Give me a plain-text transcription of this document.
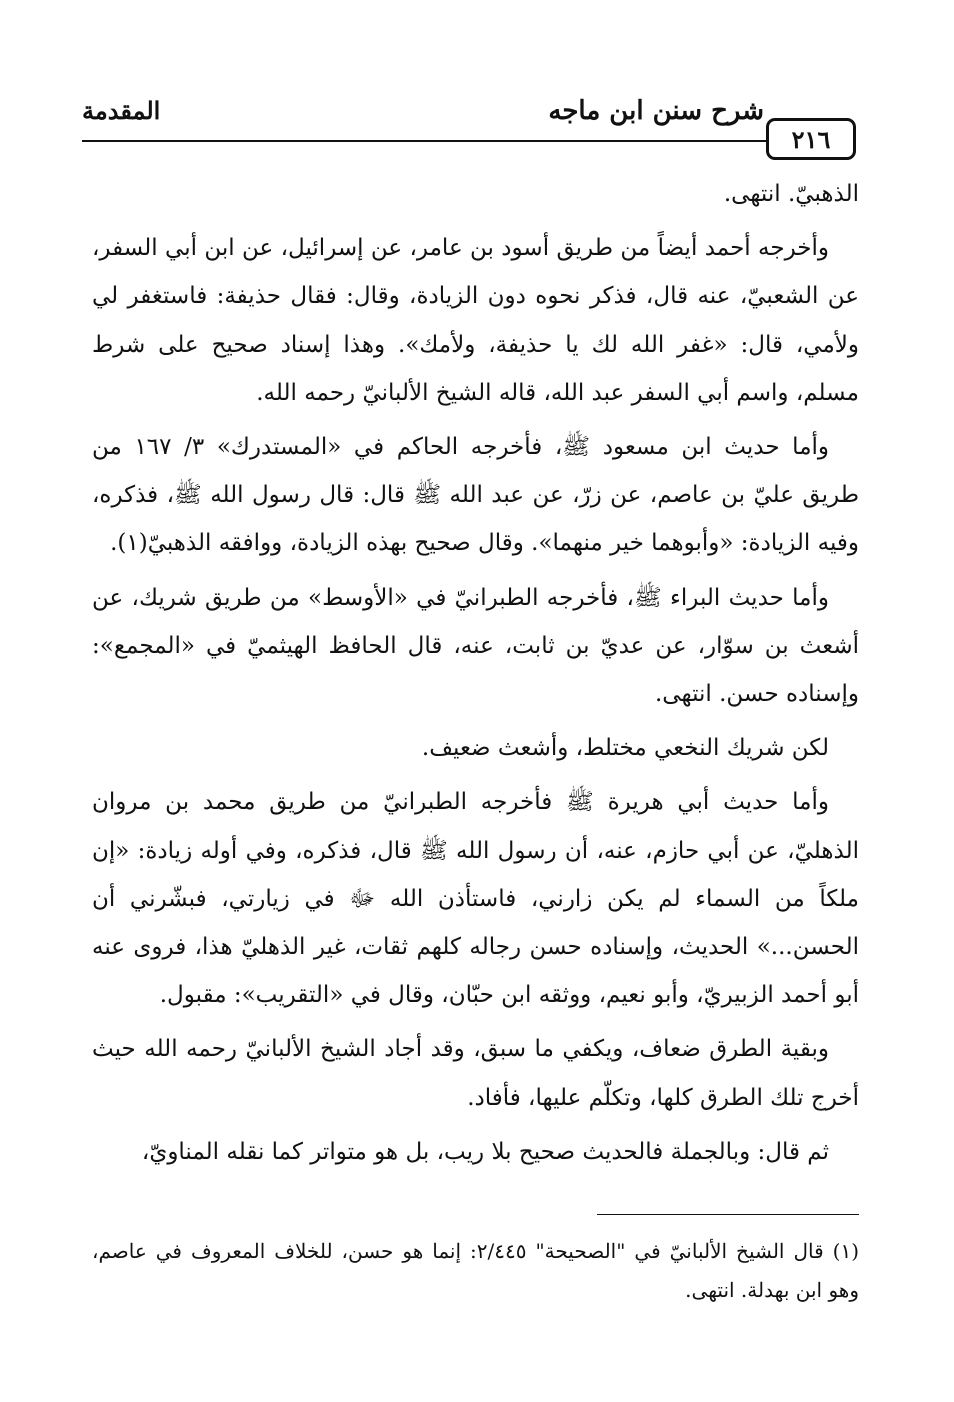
المقدمة	شرح سنن ابن ماجه
٢١٦

الذهبيّ. انتهى.

وأخرجه أحمد أيضاً من طريق أسود بن عامر، عن إسرائيل، عن ابن أبي السفر، عن الشعبيّ، عنه قال، فذكر نحوه دون الزيادة، وقال: فقال حذيفة: فاستغفر لي ولأمي، قال: «غفر الله لك يا حذيفة، ولأمك». وهذا إسناد صحيح على شرط مسلم، واسم أبي السفر عبد الله، قاله الشيخ الألبانيّ رحمه الله.

وأما حديث ابن مسعود ﷺ، فأخرجه الحاكم في «المستدرك» ٣/ ١٦٧ من طريق عليّ بن عاصم، عن زرّ، عن عبد الله ﷺ قال: قال رسول الله ﷺ، فذكره، وفيه الزيادة: «وأبوهما خير منهما». وقال صحيح بهذه الزيادة، ووافقه الذهبيّ(١).

وأما حديث البراء ﷺ، فأخرجه الطبرانيّ في «الأوسط» من طريق شريك، عن أشعث بن سوّار، عن عديّ بن ثابت، عنه، قال الحافظ الهيثميّ في «المجمع»: وإسناده حسن. انتهى.

لكن شريك النخعي مختلط، وأشعث ضعيف.

وأما حديث أبي هريرة ﷺ فأخرجه الطبرانيّ من طريق محمد بن مروان الذهليّ، عن أبي حازم، عنه، أن رسول الله ﷺ قال، فذكره، وفي أوله زيادة: «إن ملكاً من السماء لم يكن زارني، فاستأذن الله ﷻ في زيارتي، فبشّرني أن الحسن...» الحديث، وإسناده حسن رجاله كلهم ثقات، غير الذهليّ هذا، فروى عنه أبو أحمد الزبيريّ، وأبو نعيم، ووثقه ابن حبّان، وقال في «التقريب»: مقبول.

وبقية الطرق ضعاف، ويكفي ما سبق، وقد أجاد الشيخ الألبانيّ رحمه الله حيث أخرج تلك الطرق كلها، وتكلّم عليها، فأفاد.

ثم قال: وبالجملة فالحديث صحيح بلا ريب، بل هو متواتر كما نقله المناويّ،

(١) قال الشيخ الألبانيّ في "الصحيحة" ٢/٤٤٥: إنما هو حسن، للخلاف المعروف في عاصم، وهو ابن بهدلة. انتهى.
